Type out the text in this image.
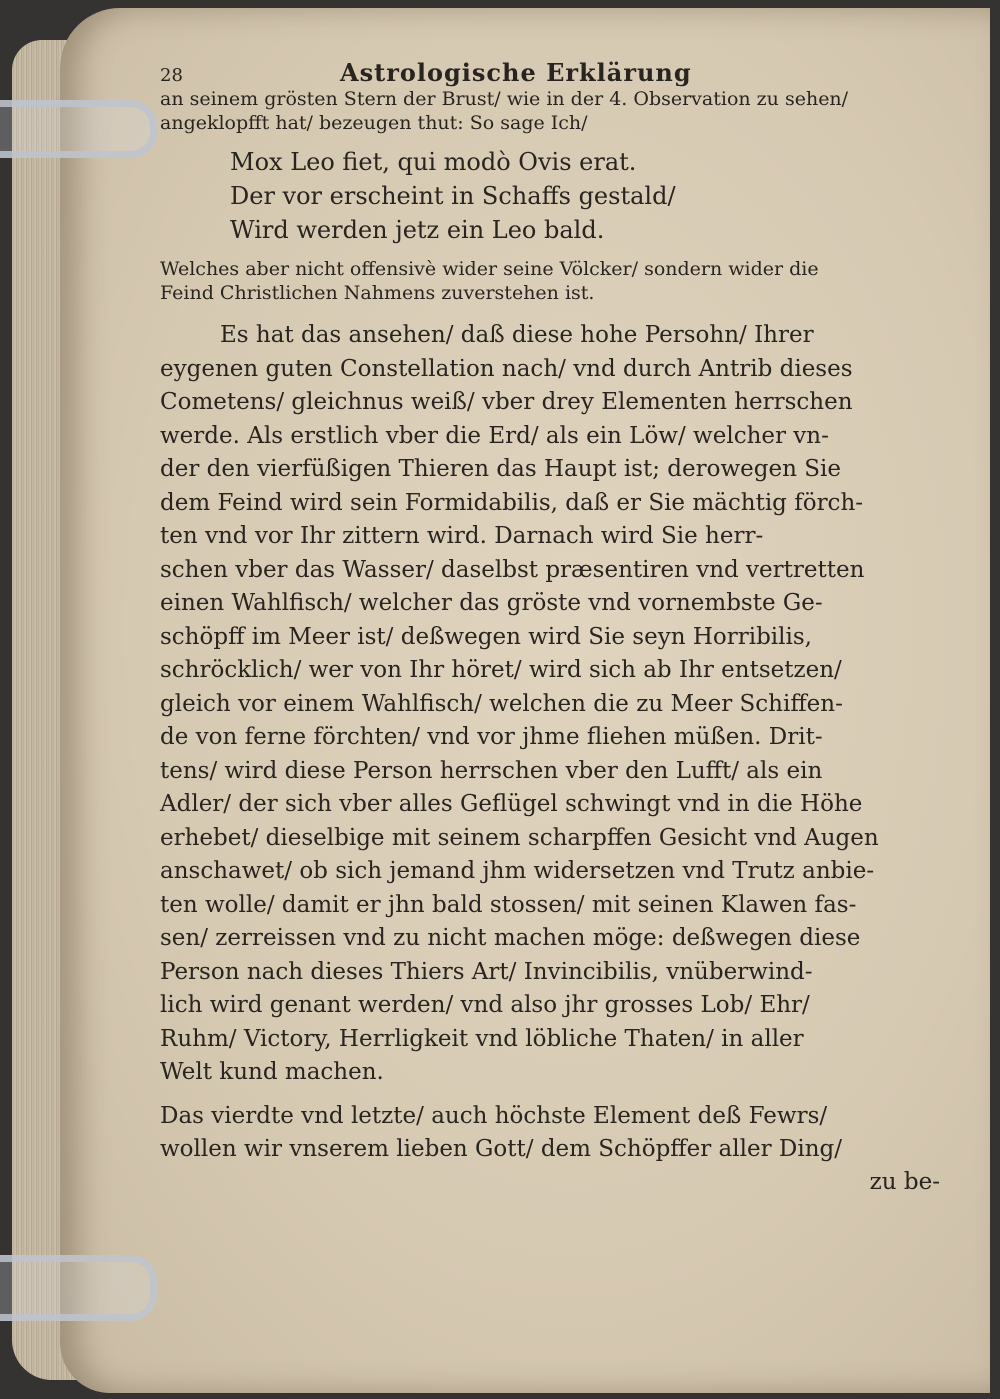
28	Astrologische Erklärung
an seinem grösten Stern der Brust/ wie in der 4. Observation zu sehen/
angeklopfft hat/ bezeugen thut: So sage Ich/
Mox Leo fiet, qui modò Ovis erat.
Der vor erscheint in Schaffs gestald/
Wird werden jetz ein Leo bald.
Welches aber nicht offensivè wider seine Völcker/ sondern wider die
Feind Christlichen Nahmens zuverstehen ist.
Es hat das ansehen/ daß diese hohe Persohn/ Ihrer
eygenen guten Constellation nach/ vnd durch Antrib dieses
Cometens/ gleichnus weiß/ vber drey Elementen herrschen
werde. Als erstlich vber die Erd/ als ein Löw/ welcher vn-
der den vierfüßigen Thieren das Haupt ist; derowegen Sie
dem Feind wird sein Formidabilis, daß er Sie mächtig förch-
ten vnd vor Ihr zittern wird. Darnach wird Sie herr-
schen vber das Wasser/ daselbst præsentiren vnd vertretten
einen Wahlfisch/ welcher das gröste vnd vornembste Ge-
schöpff im Meer ist/ deßwegen wird Sie seyn Horribilis,
schröcklich/ wer von Ihr höret/ wird sich ab Ihr entsetzen/
gleich vor einem Wahlfisch/ welchen die zu Meer Schiffen-
de von ferne förchten/ vnd vor jhme fliehen müßen. Drit-
tens/ wird diese Person herrschen vber den Lufft/ als ein
Adler/ der sich vber alles Geflügel schwingt vnd in die Höhe
erhebet/ dieselbige mit seinem scharpffen Gesicht vnd Augen
anschawet/ ob sich jemand jhm widersetzen vnd Trutz anbie-
ten wolle/ damit er jhn bald stossen/ mit seinen Klawen fas-
sen/ zerreissen vnd zu nicht machen möge: deßwegen diese
Person nach dieses Thiers Art/ Invincibilis, vnüberwind-
lich wird genant werden/ vnd also jhr grosses Lob/ Ehr/
Ruhm/ Victory, Herrligkeit vnd löbliche Thaten/ in aller
Welt kund machen.
Das vierdte vnd letzte/ auch höchste Element deß Fewrs/
wollen wir vnserem lieben Gott/ dem Schöpffer aller Ding/
zu be-
